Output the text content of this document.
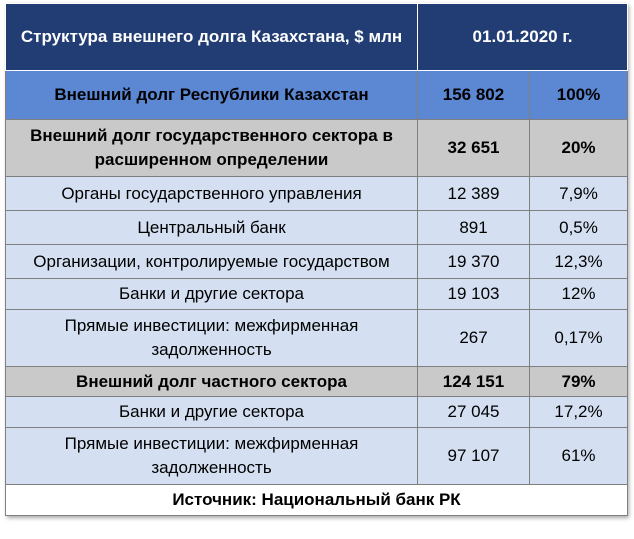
Структура внешнего долга Казахстана, $ млн	01.01.2020 г.	
Внешний долг Республики Казахстан	156 802	100%
Внешний долг государственного сектора в расширенном определении	32 651	20%
Органы государственного управления	12 389	7,9%
Центральный банк	891	0,5%
Организации, контролируемые государством	19 370	12,3%
Банки и другие сектора	19 103	12%
Прямые инвестиции: межфирменная задолженность	267	0,17%
Внешний долг частного сектора	124 151	79%
Банки и другие сектора	27 045	17,2%
Прямые инвестиции: межфирменная задолженность	97 107	61%
Источник: Национальный банк РК		
